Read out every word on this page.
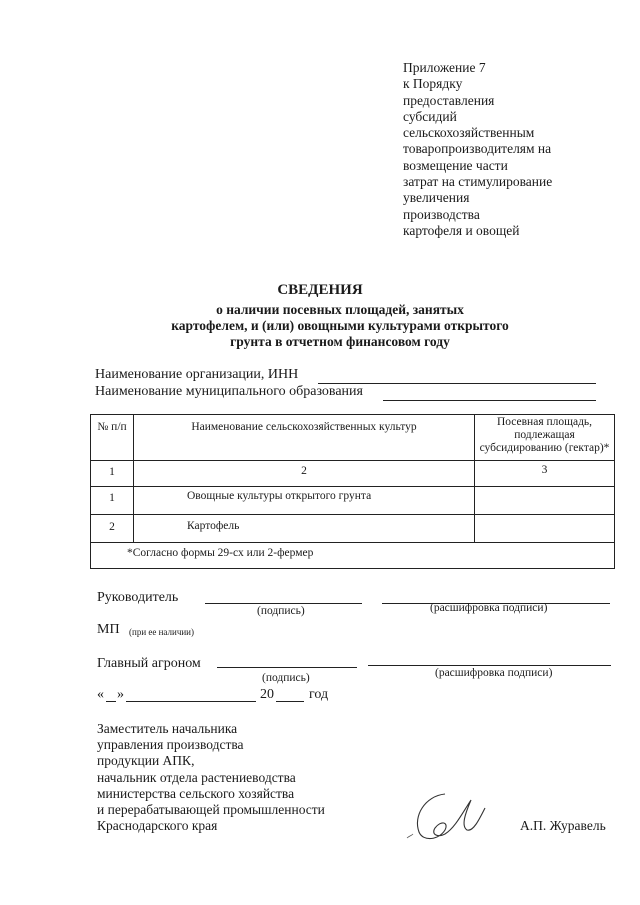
Приложение 7
к Порядку
предоставления
субсидий
сельскохозяйственным
товаропроизводителям на
возмещение части
затрат на стимулирование
увеличения
производства
картофеля и овощей
СВЕДЕНИЯ
о наличии посевных площадей, занятых
картофелем, и (или) овощными культурами открытого
грунта в отчетном финансовом году
Наименование организации, ИНН
Наименование муниципального образования
№ п/п	Наименование сельскохозяйственных культур	Посевная площадь, подлежащая субсидированию (гектар)*
1	2	3
1	Овощные культуры открытого грунта	
2	Картофель	
*Согласно формы 29-сх или 2-фермер		
Руководитель
(подпись)	(расшифровка подписи)
МП (при ее наличии)
Главный агроном
(подпись)	(расшифровка подписи)
« »	20	год
Заместитель начальника
управления производства
продукции АПК,
начальник отдела растениеводства
министерства сельского хозяйства
и перерабатывающей промышленности
Краснодарского края	А.П. Журавель
